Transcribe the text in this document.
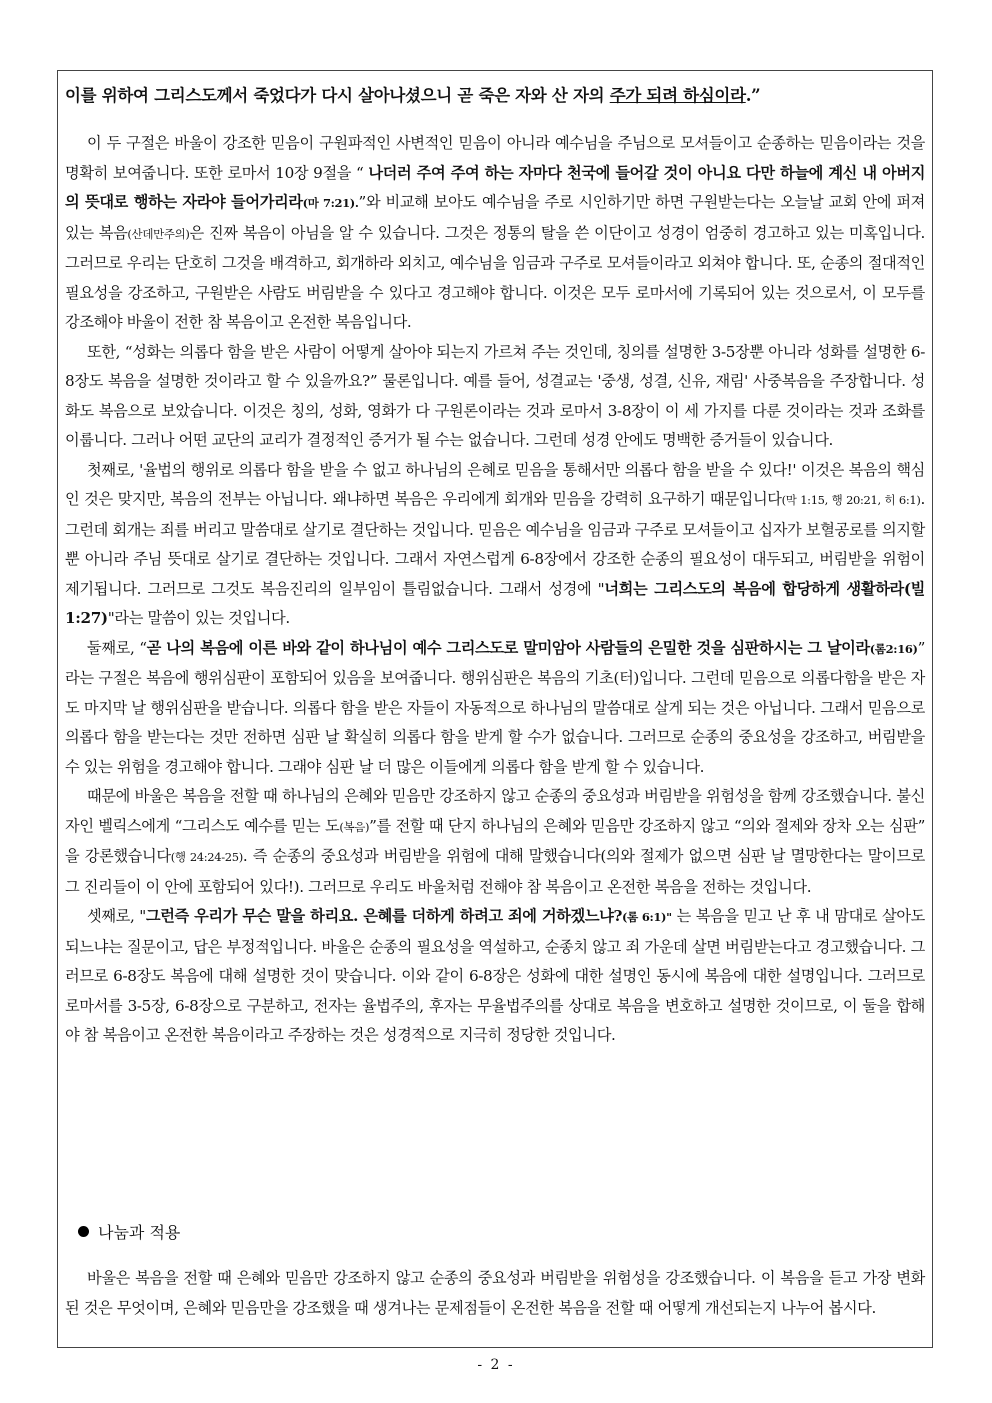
이를 위하여 그리스도께서 죽었다가 다시 살아나셨으니 곧 죽은 자와 산 자의 주가 되려 하심이라.”

이 두 구절은 바울이 강조한 믿음이 구원파적인 사변적인 믿음이 아니라 예수님을 주님으로 모셔들이고 순종하는 믿음이라는 것을 명확히 보여줍니다. 또한 로마서 10장 9절을 “ 나더러 주여 주여 하는 자마다 천국에 들어갈 것이 아니요 다만 하늘에 계신 내 아버지의 뜻대로 행하는 자라야 들어가리라(마 7:21).”와 비교해 보아도 예수님을 주로 시인하기만 하면 구원받는다는 오늘날 교회 안에 퍼져 있는 복음(산데만주의)은 진짜 복음이 아님을 알 수 있습니다. 그것은 정통의 탈을 쓴 이단이고 성경이 엄중히 경고하고 있는 미혹입니다. 그러므로 우리는 단호히 그것을 배격하고, 회개하라 외치고, 예수님을 임금과 구주로 모셔들이라고 외쳐야 합니다. 또, 순종의 절대적인 필요성을 강조하고, 구원받은 사람도 버림받을 수 있다고 경고해야 합니다. 이것은 모두 로마서에 기록되어 있는 것으로서, 이 모두를 강조해야 바울이 전한 참 복음이고 온전한 복음입니다.

또한, “성화는 의롭다 함을 받은 사람이 어떻게 살아야 되는지 가르쳐 주는 것인데, 칭의를 설명한 3-5장뿐 아니라 성화를 설명한 6-8장도 복음을 설명한 것이라고 할 수 있을까요?” 물론입니다. 예를 들어, 성결교는 '중생, 성결, 신유, 재림' 사중복음을 주장합니다. 성화도 복음으로 보았습니다. 이것은 칭의, 성화, 영화가 다 구원론이라는 것과 로마서 3-8장이 이 세 가지를 다룬 것이라는 것과 조화를 이룹니다. 그러나 어떤 교단의 교리가 결정적인 증거가 될 수는 없습니다. 그런데 성경 안에도 명백한 증거들이 있습니다.

첫째로, '율법의 행위로 의롭다 함을 받을 수 없고 하나님의 은혜로 믿음을 통해서만 의롭다 함을 받을 수 있다!' 이것은 복음의 핵심인 것은 맞지만, 복음의 전부는 아닙니다. 왜냐하면 복음은 우리에게 회개와 믿음을 강력히 요구하기 때문입니다(막 1:15, 행 20:21, 히 6:1). 그런데 회개는 죄를 버리고 말씀대로 살기로 결단하는 것입니다. 믿음은 예수님을 임금과 구주로 모셔들이고 십자가 보혈공로를 의지할 뿐 아니라 주님 뜻대로 살기로 결단하는 것입니다. 그래서 자연스럽게 6-8장에서 강조한 순종의 필요성이 대두되고, 버림받을 위험이 제기됩니다. 그러므로 그것도 복음진리의 일부임이 틀림없습니다. 그래서 성경에 "너희는 그리스도의 복음에 합당하게 생활하라(빌 1:27)"라는 말씀이 있는 것입니다.

둘째로, “곧 나의 복음에 이른 바와 같이 하나님이 예수 그리스도로 말미암아 사람들의 은밀한 것을 심판하시는 그 날이라(롬2:16)” 라는 구절은 복음에 행위심판이 포함되어 있음을 보여줍니다. 행위심판은 복음의 기초(터)입니다. 그런데 믿음으로 의롭다함을 받은 자도 마지막 날 행위심판을 받습니다. 의롭다 함을 받은 자들이 자동적으로 하나님의 말씀대로 살게 되는 것은 아닙니다. 그래서 믿음으로 의롭다 함을 받는다는 것만 전하면 심판 날 확실히 의롭다 함을 받게 할 수가 없습니다. 그러므로 순종의 중요성을 강조하고, 버림받을 수 있는 위험을 경고해야 합니다. 그래야 심판 날 더 많은 이들에게 의롭다 함을 받게 할 수 있습니다.

때문에 바울은 복음을 전할 때 하나님의 은혜와 믿음만 강조하지 않고 순종의 중요성과 버림받을 위험성을 함께 강조했습니다. 불신자인 벨릭스에게 “그리스도 예수를 믿는 도(복음)”를 전할 때 단지 하나님의 은혜와 믿음만 강조하지 않고 “의와 절제와 장차 오는 심판” 을 강론했습니다(행 24:24-25). 즉 순종의 중요성과 버림받을 위험에 대해 말했습니다(의와 절제가 없으면 심판 날 멸망한다는 말이므로 그 진리들이 이 안에 포함되어 있다!). 그러므로 우리도 바울처럼 전해야 참 복음이고 온전한 복음을 전하는 것입니다.

셋째로, "그런즉 우리가 무슨 말을 하리요. 은혜를 더하게 하려고 죄에 거하겠느냐?(롬 6:1)" 는 복음을 믿고 난 후 내 맘대로 살아도 되느냐는 질문이고, 답은 부정적입니다. 바울은 순종의 필요성을 역설하고, 순종치 않고 죄 가운데 살면 버림받는다고 경고했습니다. 그러므로 6-8장도 복음에 대해 설명한 것이 맞습니다. 이와 같이 6-8장은 성화에 대한 설명인 동시에 복음에 대한 설명입니다. 그러므로 로마서를 3-5장, 6-8장으로 구분하고, 전자는 율법주의, 후자는 무율법주의를 상대로 복음을 변호하고 설명한 것이므로, 이 둘을 합해야 참 복음이고 온전한 복음이라고 주장하는 것은 성경적으로 지극히 정당한 것입니다.

나눔과 적용

바울은 복음을 전할 때 은혜와 믿음만 강조하지 않고 순종의 중요성과 버림받을 위험성을 강조했습니다. 이 복음을 듣고 가장 변화된 것은 무엇이며, 은혜와 믿음만을 강조했을 때 생겨나는 문제점들이 온전한 복음을 전할 때 어떻게 개선되는지 나누어 봅시다.

- 2 -
